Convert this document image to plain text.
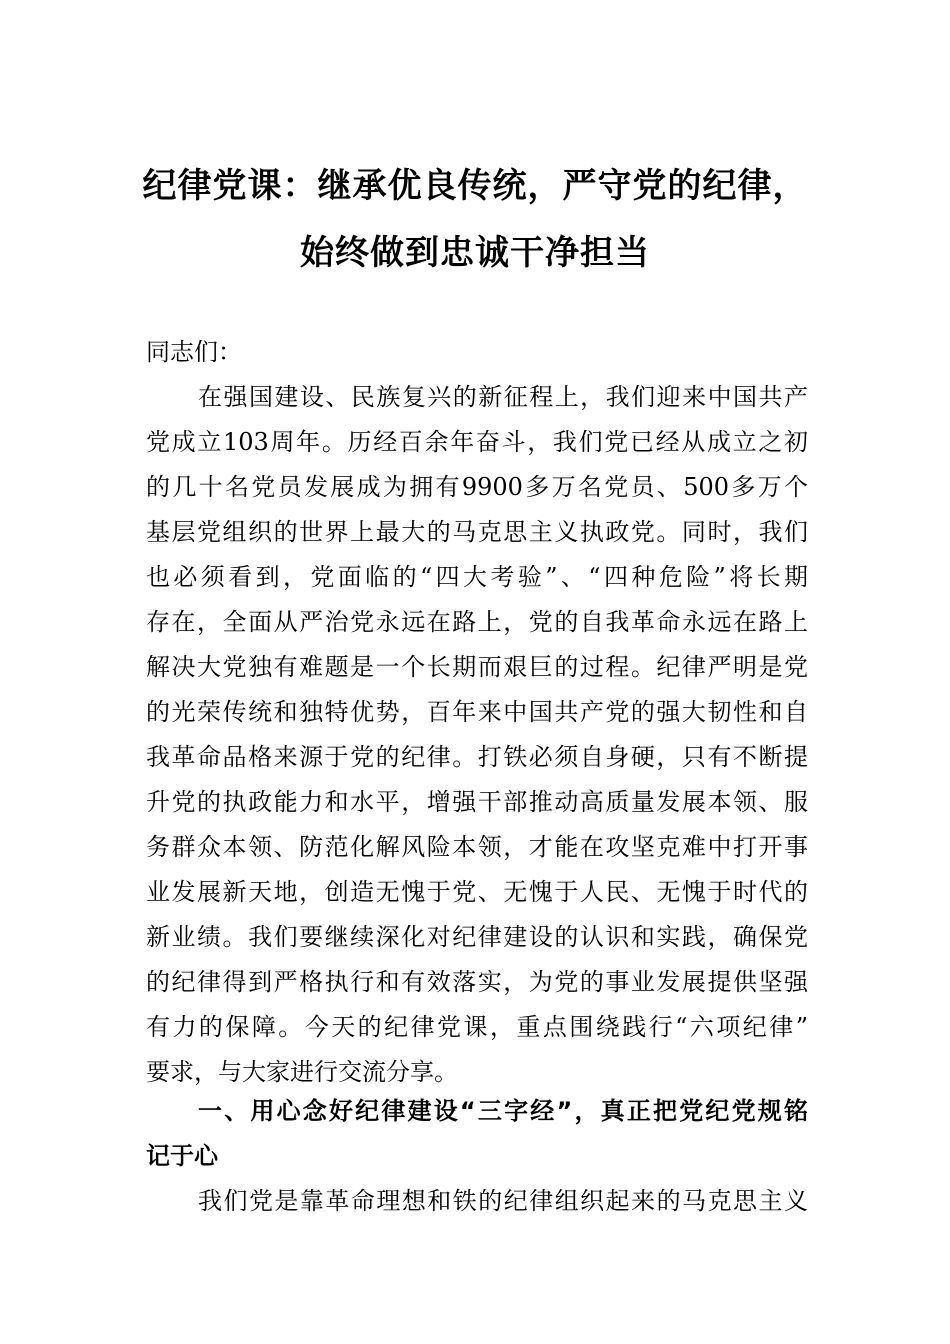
纪律党课：继承优良传统，严守党的纪律，
始终做到忠诚干净担当
同志们：
在强国建设、民族复兴的新征程上，我们迎来中国共产
党成立103周年。历经百余年奋斗，我们党已经从成立之初
的几十名党员发展成为拥有9900多万名党员、500多万个
基层党组织的世界上最大的马克思主义执政党。同时，我们
也必须看到，党面临的“四大考验”、“四种危险”将长期
存在，全面从严治党永远在路上，党的自我革命永远在路上
解决大党独有难题是一个长期而艰巨的过程。纪律严明是党
的光荣传统和独特优势，百年来中国共产党的强大韧性和自
我革命品格来源于党的纪律。打铁必须自身硬，只有不断提
升党的执政能力和水平，增强干部推动高质量发展本领、服
务群众本领、防范化解风险本领，才能在攻坚克难中打开事
业发展新天地，创造无愧于党、无愧于人民、无愧于时代的
新业绩。我们要继续深化对纪律建设的认识和实践，确保党
的纪律得到严格执行和有效落实，为党的事业发展提供坚强
有力的保障。今天的纪律党课，重点围绕践行“六项纪律”
要求，与大家进行交流分享。
一、用心念好纪律建设“三字经”，真正把党纪党规铭
记于心
我们党是靠革命理想和铁的纪律组织起来的马克思主义
